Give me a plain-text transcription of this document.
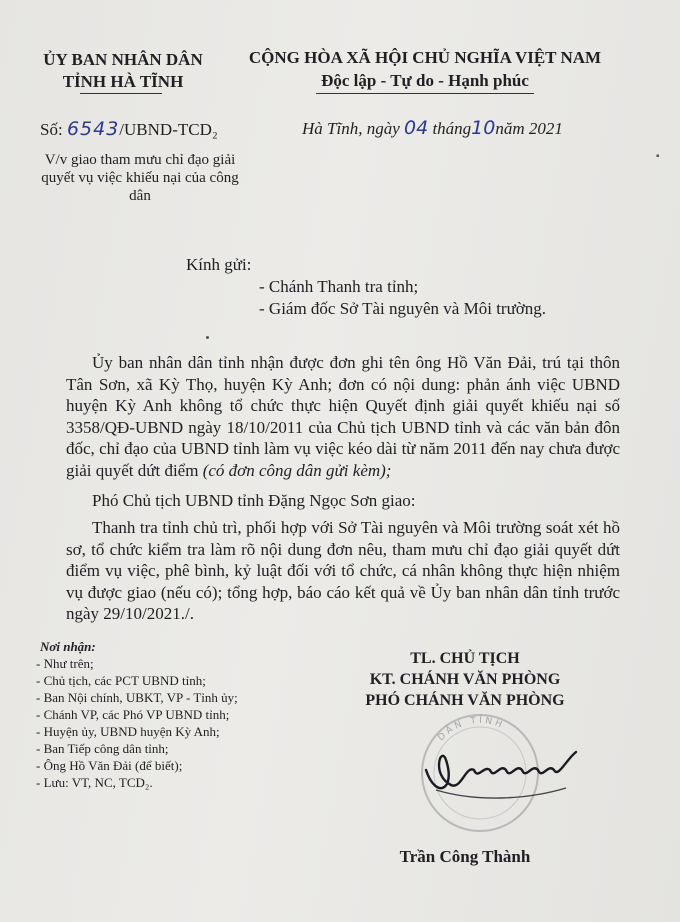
ỦY BAN NHÂN DÂN
TỈNH HÀ TĨNH
CỘNG HÒA XÃ HỘI CHỦ NGHĨA VIỆT NAM
Độc lập - Tự do - Hạnh phúc
Số: 6543/UBND-TCD₂	Hà Tĩnh, ngày 04 tháng10năm 2021
V/v giao tham mưu chỉ đạo giải quyết vụ việc khiếu nại của công dân
Kính gửi:
- Chánh Thanh tra tỉnh;
- Giám đốc Sở Tài nguyên và Môi trường.
Ủy ban nhân dân tỉnh nhận được đơn ghi tên ông Hồ Văn Đải, trú tại thôn Tân Sơn, xã Kỳ Thọ, huyện Kỳ Anh; đơn có nội dung: phản ánh việc UBND huyện Kỳ Anh không tổ chức thực hiện Quyết định giải quyết khiếu nại số 3358/QĐ-UBND ngày 18/10/2011 của Chủ tịch UBND tỉnh và các văn bản đôn đốc, chỉ đạo của UBND tỉnh làm vụ việc kéo dài từ năm 2011 đến nay chưa được giải quyết dứt điểm (có đơn công dân gửi kèm);
Phó Chủ tịch UBND tỉnh Đặng Ngọc Sơn giao:
Thanh tra tỉnh chủ trì, phối hợp với Sở Tài nguyên và Môi trường soát xét hồ sơ, tổ chức kiểm tra làm rõ nội dung đơn nêu, tham mưu chỉ đạo giải quyết dứt điểm vụ việc, phê bình, kỷ luật đối với tổ chức, cá nhân không thực hiện nhiệm vụ được giao (nếu có); tổng hợp, báo cáo kết quả về Ủy ban nhân dân tỉnh trước ngày 29/10/2021./.
Nơi nhận:
- Như trên;
- Chủ tịch, các PCT UBND tỉnh;
- Ban Nội chính, UBKT, VP - Tỉnh ủy;
- Chánh VP, các Phó VP UBND tỉnh;
- Huyện ủy, UBND huyện Kỳ Anh;
- Ban Tiếp công dân tỉnh;
- Ông Hồ Văn Đải (để biết);
- Lưu: VT, NC, TCD₂.
TL. CHỦ TỊCH
KT. CHÁNH VĂN PHÒNG
PHÓ CHÁNH VĂN PHÒNG
DÂN TỈNH
Trần Công Thành
▪
